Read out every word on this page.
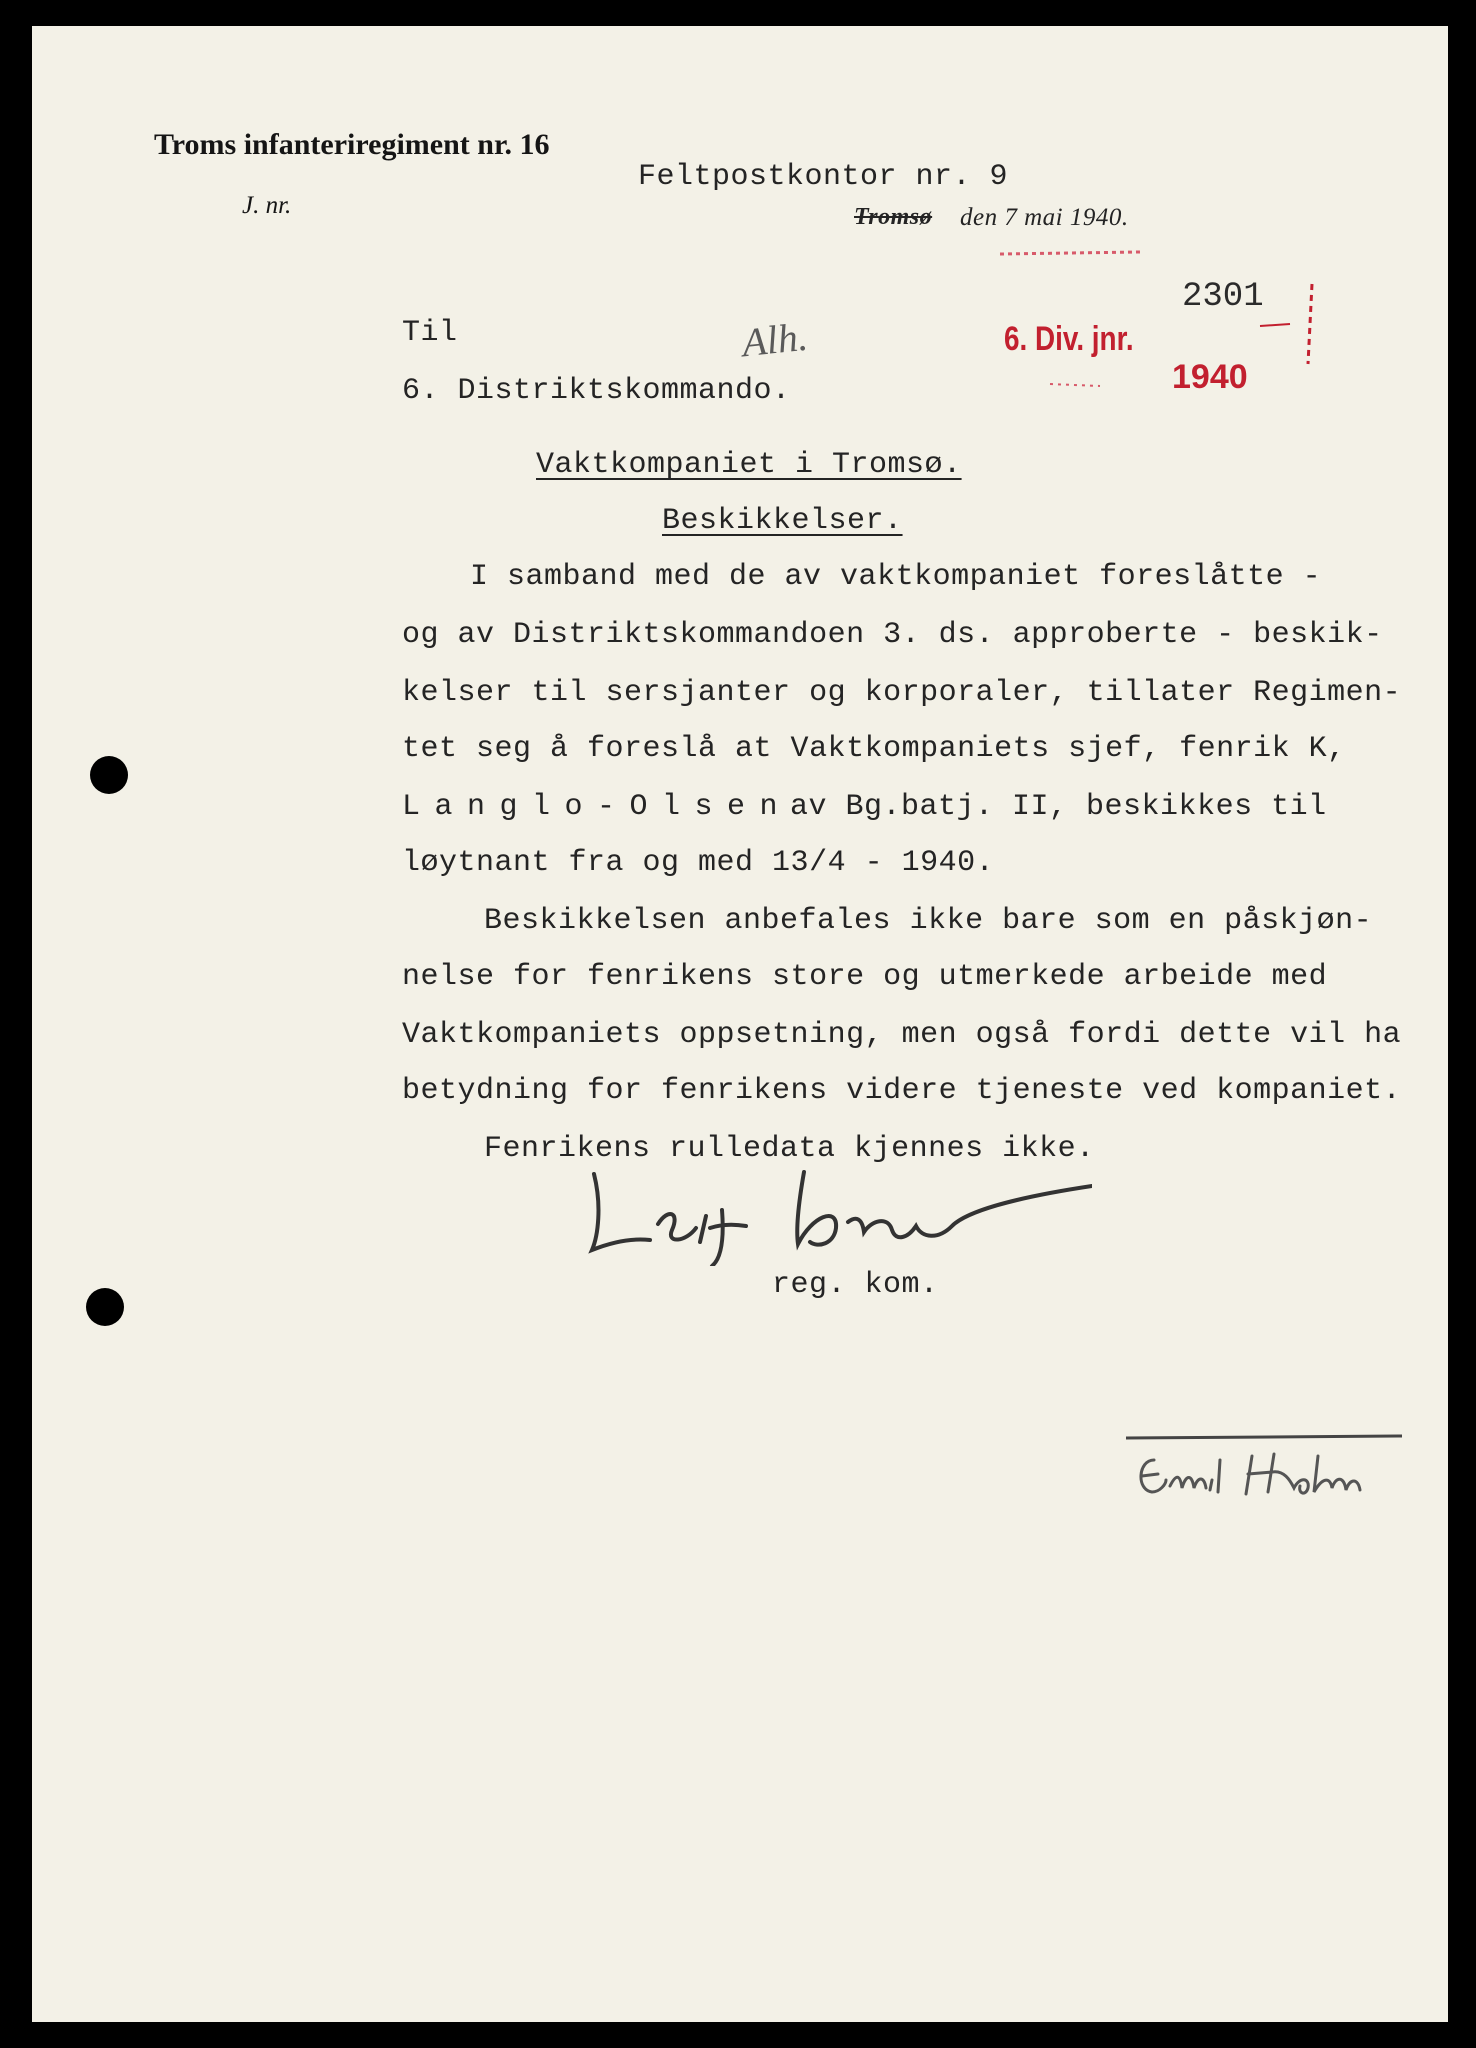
Troms infanteriregiment nr. 16
J. nr.
Feltpostkontor nr. 9
Tromsø den 7 mai 1940.
6. Div. jnr.
2301
1940
Alh.
Til
6. Distriktskommando.
Vaktkompaniet i Tromsø.
Beskikkelser.
I samband med de av vaktkompaniet foreslåtte -
og av Distriktskommandoen 3. ds. approberte - beskik-
kelser til sersjanter og korporaler, tillater Regimen-
tet seg å foreslå at Vaktkompaniets sjef, fenrik K,
Langlo-Olsen
av Bg.batj. II, beskikkes til
løytnant fra og med 13/4 - 1940.
Beskikkelsen anbefales ikke bare som en påskjøn-
nelse for fenrikens store og utmerkede arbeide med
Vaktkompaniets oppsetning, men også fordi dette vil ha
betydning for fenrikens videre tjeneste ved kompaniet.
Fenrikens rulledata kjennes ikke.
reg. kom.
